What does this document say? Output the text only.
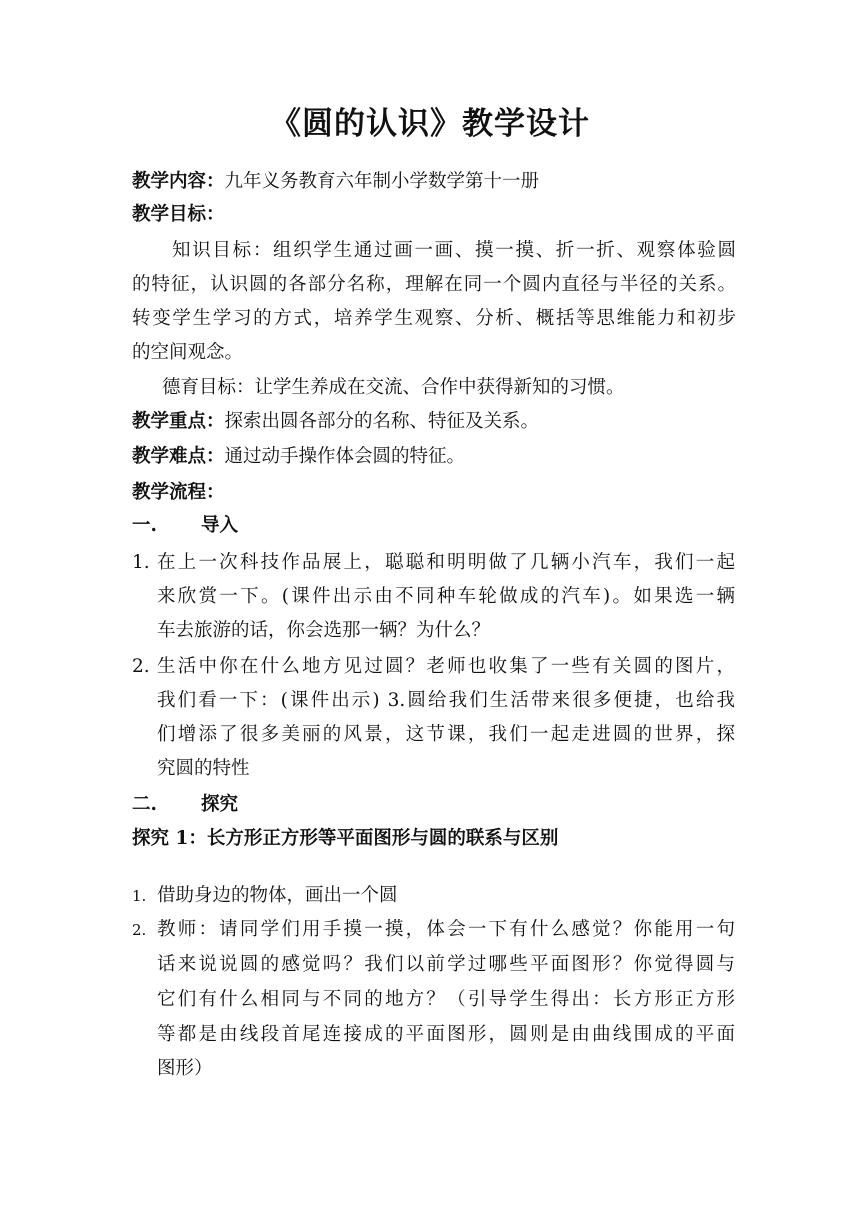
《圆的认识》教学设计
教学内容：九年义务教育六年制小学数学第十一册
教学目标：
知识目标：组织学生通过画一画、摸一摸、折一折、观察体验圆
的特征，认识圆的各部分名称，理解在同一个圆内直径与半径的关系。
转变学生学习的方式，培养学生观察、分析、概括等思维能力和初步
的空间观念。
德育目标：让学生养成在交流、合作中获得新知的习惯。
教学重点：探索出圆各部分的名称、特征及关系。
教学难点：通过动手操作体会圆的特征。
教学流程：
一. 导入
1. 在上一次科技作品展上，聪聪和明明做了几辆小汽车，我们一起
来欣赏一下。(课件出示由不同种车轮做成的汽车)。如果选一辆
车去旅游的话，你会选那一辆？为什么？
2. 生活中你在什么地方见过圆？老师也收集了一些有关圆的图片，
我们看一下：(课件出示) 3.圆给我们生活带来很多便捷，也给我
们增添了很多美丽的风景，这节课，我们一起走进圆的世界，探
究圆的特性
二. 探究
探究 1：长方形正方形等平面图形与圆的联系与区别
1. 借助身边的物体，画出一个圆
2. 教师：请同学们用手摸一摸，体会一下有什么感觉？你能用一句
话来说说圆的感觉吗？我们以前学过哪些平面图形？你觉得圆与
它们有什么相同与不同的地方？（引导学生得出：长方形正方形
等都是由线段首尾连接成的平面图形，圆则是由曲线围成的平面
图形）
